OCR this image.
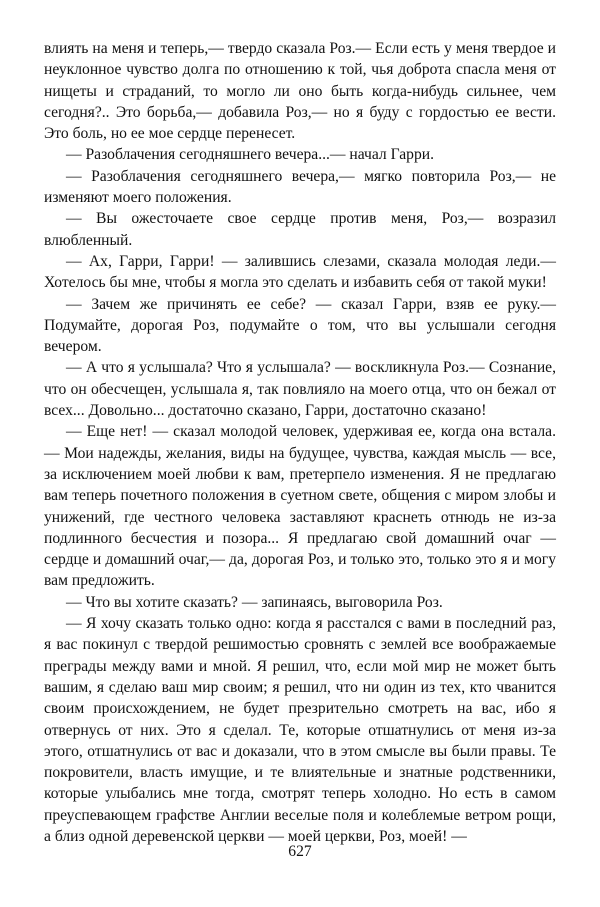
влиять на меня и теперь,— твердо сказала Роз.— Если есть у меня твердое и неуклонное чувство долга по отношению к той, чья доброта спасла меня от нищеты и страданий, то могло ли оно быть когда-нибудь сильнее, чем сегодня?.. Это борьба,— добавила Роз,— но я буду с гордостью ее вести. Это боль, но ее мое сердце перенесет.

— Разоблачения сегодняшнего вечера...— начал Гарри.

— Разоблачения сегодняшнего вечера,— мягко повторила Роз,— не изменяют моего положения.

— Вы ожесточаете свое сердце против меня, Роз,— возразил влюбленный.

— Ах, Гарри, Гарри! — залившись слезами, сказала молодая леди.— Хотелось бы мне, чтобы я могла это сделать и избавить себя от такой муки!

— Зачем же причинять ее себе? — сказал Гарри, взяв ее руку.— Подумайте, дорогая Роз, подумайте о том, что вы услышали сегодня вечером.

— А что я услышала? Что я услышала? — воскликнула Роз.— Сознание, что он обесчещен, услышала я, так повлияло на моего отца, что он бежал от всех... Довольно... достаточно сказано, Гарри, достаточно сказано!

— Еще нет! — сказал молодой человек, удерживая ее, когда она встала.— Мои надежды, желания, виды на будущее, чувства, каждая мысль — все, за исключением моей любви к вам, претерпело изменения. Я не предлагаю вам теперь почетного положения в суетном свете, общения с миром злобы и унижений, где честного человека заставляют краснеть отнюдь не из-за подлинного бесчестия и позора... Я предлагаю свой домашний очаг — сердце и домашний очаг,— да, дорогая Роз, и только это, только это я и могу вам предложить.

— Что вы хотите сказать? — запинаясь, выговорила Роз.

— Я хочу сказать только одно: когда я расстался с вами в последний раз, я вас покинул с твердой решимостью сровнять с землей все воображаемые преграды между вами и мной. Я решил, что, если мой мир не может быть вашим, я сделаю ваш мир своим; я решил, что ни один из тех, кто чванится своим происхождением, не будет презрительно смотреть на вас, ибо я отвернусь от них. Это я сделал. Те, которые отшатнулись от меня из-за этого, отшатнулись от вас и доказали, что в этом смысле вы были правы. Те покровители, власть имущие, и те влиятельные и знатные родственники, которые улыбались мне тогда, смотрят теперь холодно. Но есть в самом преуспевающем графстве Англии веселые поля и колеблемые ветром рощи, а близ одной деревенской церкви — моей церкви, Роз, моей! —

627
